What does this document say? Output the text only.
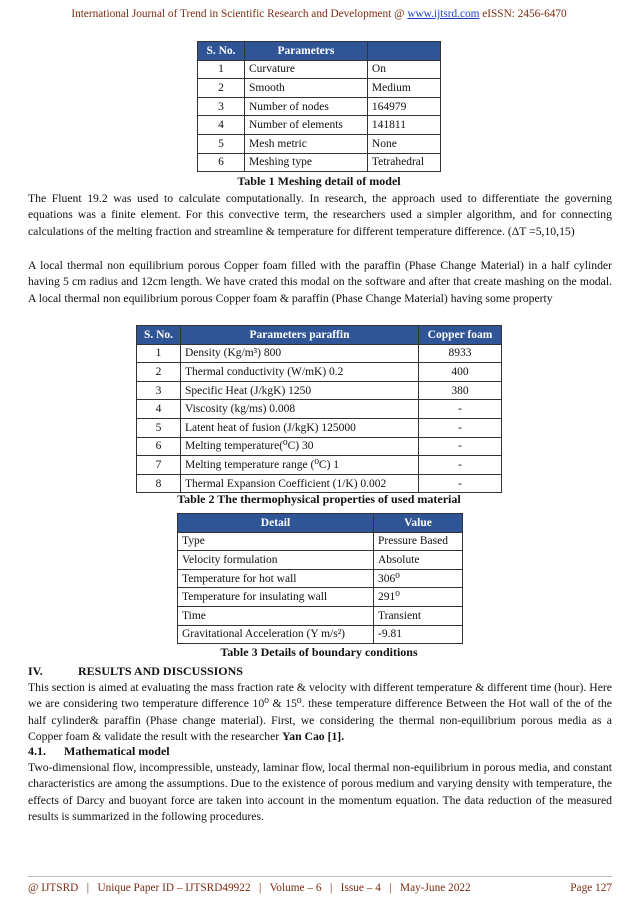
International Journal of Trend in Scientific Research and Development @ www.ijtsrd.com eISSN: 2456-6470
S. No.	Parameters	
1	Curvature	On
2	Smooth	Medium
3	Number of nodes	164979
4	Number of elements	141811
5	Mesh metric	None
6	Meshing type	Tetrahedral
Table 1 Meshing detail of model
The Fluent 19.2 was used to calculate computationally. In research, the approach used to differentiate the governing equations was a finite element. For this convective term, the researchers used a simpler algorithm, and for connecting calculations of the melting fraction and streamline & temperature for different temperature difference. (ΔT =5,10,15)
A local thermal non equilibrium porous Copper foam filled with the paraffin (Phase Change Material) in a half cylinder having 5 cm radius and 12cm length. We have crated this modal on the software and after that create mashing on the modal. A local thermal non equilibrium porous Copper foam & paraffin (Phase Change Material) having some property
S. No.	Parameters paraffin	Copper foam
1	Density (Kg/m³) 800	8933
2	Thermal conductivity (W/mK) 0.2	400
3	Specific Heat (J/kgK) 1250	380
4	Viscosity (kg/ms) 0.008	-
5	Latent heat of fusion (J/kgK) 125000	-
6	Melting temperature(⁰C) 30	-
7	Melting temperature range (⁰C) 1	-
8	Thermal Expansion Coefficient (1/K) 0.002	-
Table 2 The thermophysical properties of used material
Detail	Value
Type	Pressure Based
Velocity formulation	Absolute
Temperature for hot wall	306⁰
Temperature for insulating wall	291⁰
Time	Transient
Gravitational Acceleration (Y m/s²)	-9.81
Table 3 Details of boundary conditions
IV.	RESULTS AND DISCUSSIONS
This section is aimed at evaluating the mass fraction rate & velocity with different temperature & different time (hour). Here we are considering two temperature difference 10⁰ & 15⁰. these temperature difference Between the Hot wall of the of the half cylinder& paraffin (Phase change material). First, we considering the thermal non-equilibrium porous media as a Copper foam & validate the result with the researcher Yan Cao [1].
4.1. Mathematical model
Two-dimensional flow, incompressible, unsteady, laminar flow, local thermal non-equilibrium in porous media, and constant characteristics are among the assumptions. Due to the existence of porous medium and varying density with temperature, the effects of Darcy and buoyant force are taken into account in the momentum equation. The data reduction of the measured results is summarized in the following procedures.
@ IJTSRD   |   Unique Paper ID – IJTSRD49922   |   Volume – 6   |   Issue – 4   |   May-June 2022	Page 127
